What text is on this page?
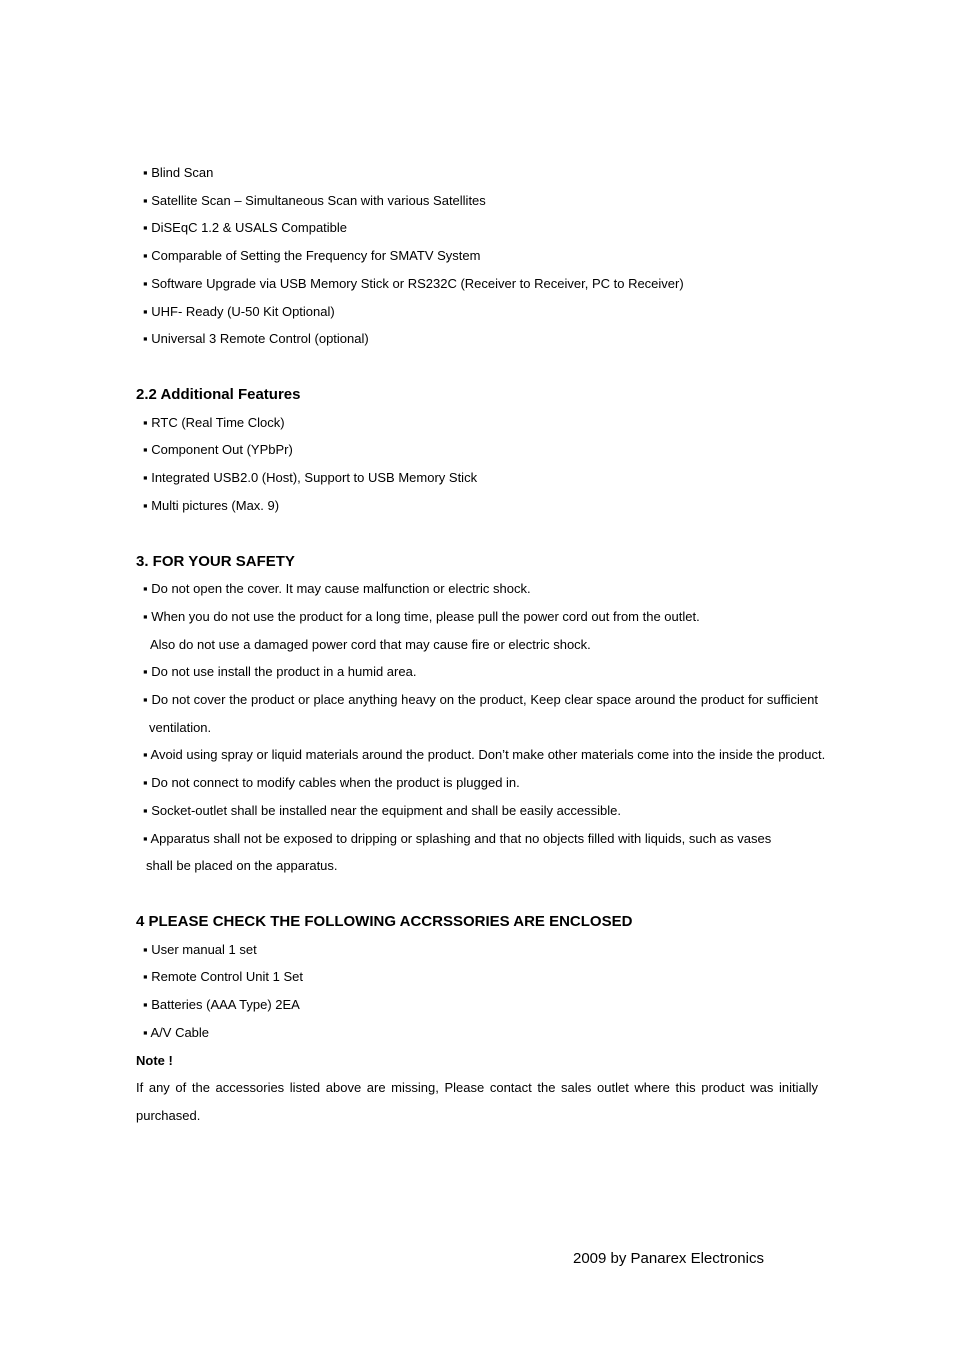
▪ Blind Scan
▪ Satellite Scan – Simultaneous Scan with various Satellites
▪ DiSEqC 1.2 & USALS Compatible
▪ Comparable of Setting the Frequency for SMATV System
▪ Software Upgrade via USB Memory Stick or RS232C (Receiver to Receiver, PC to Receiver)
▪ UHF- Ready (U-50 Kit Optional)
▪ Universal 3 Remote Control (optional)
2.2 Additional Features
▪ RTC (Real Time Clock)
▪ Component Out (YPbPr)
▪ Integrated USB2.0 (Host), Support to USB Memory Stick
▪ Multi pictures (Max. 9)
3. FOR YOUR SAFETY
▪ Do not open the cover. It may cause malfunction or electric shock.
▪ When you do not use the product for a long time, please pull the power cord out from the outlet.
Also do not use a damaged power cord that may cause fire or electric shock.
▪ Do not use install the product in a humid area.
▪ Do not cover the product or place anything heavy on the product, Keep clear space around the product for sufficient
ventilation.
▪ Avoid using spray or liquid materials around the product. Don’t make other materials come into the inside the product.
▪ Do not connect to modify cables when the product is plugged in.
▪ Socket-outlet shall be installed near the equipment and shall be easily accessible.
▪ Apparatus shall not be exposed to dripping or splashing and that no objects filled with liquids, such as vases
shall be placed on the apparatus.
4 PLEASE CHECK THE FOLLOWING ACCRSSORIES ARE ENCLOSED
▪ User manual 1 set
▪ Remote Control Unit 1 Set
▪ Batteries (AAA Type) 2EA
▪ A/V Cable
Note !
If any of the accessories listed above are missing, Please contact the sales outlet where this product was initially
purchased.
2009 by Panarex Electronics
